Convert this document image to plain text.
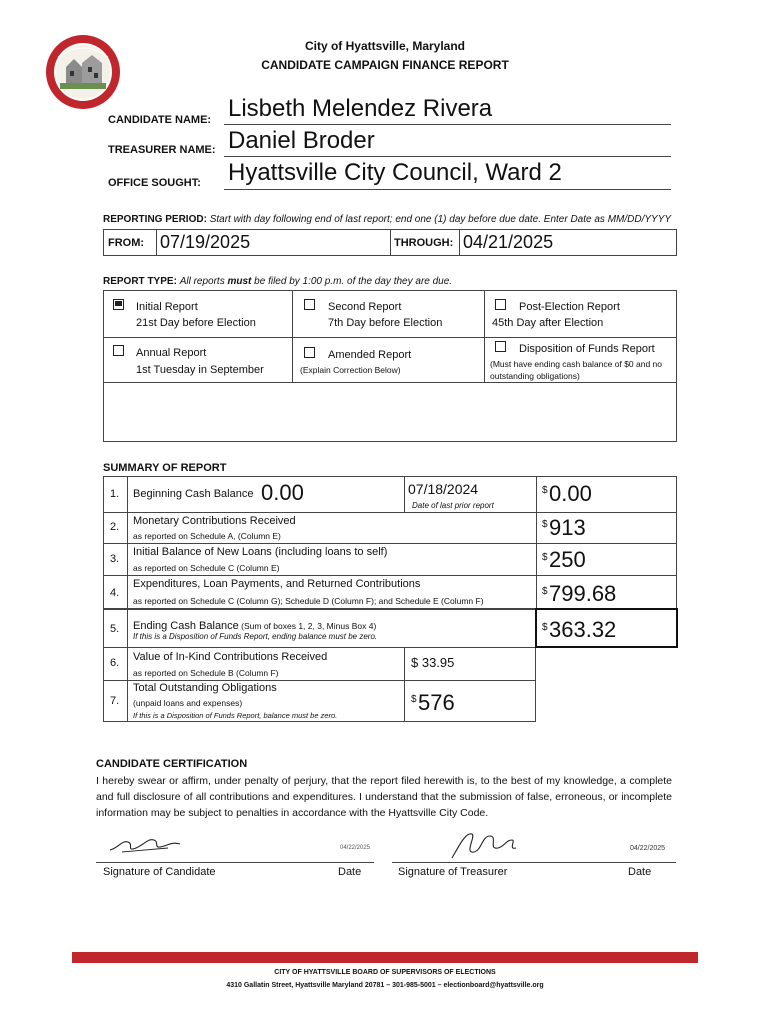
City of Hyattsville, Maryland
CANDIDATE CAMPAIGN FINANCE REPORT
CANDIDATE NAME: Lisbeth Melendez Rivera
TREASURER NAME: Daniel Broder
OFFICE SOUGHT: Hyattsville City Council, Ward 2
REPORTING PERIOD: Start with day following end of last report; end one (1) day before due date. Enter Date as MM/DD/YYYY
FROM: 07/19/2025	THROUGH: 04/21/2025
REPORT TYPE: All reports must be filed by 1:00 p.m. of the day they are due.
Initial Report
21st Day before Election
Second Report
7th Day before Election
Post-Election Report
45th Day after Election
Annual Report
1st Tuesday in September
Amended Report
(Explain Correction Below)
Disposition of Funds Report
(Must have ending cash balance of $0 and no outstanding obligations)
SUMMARY OF REPORT
1. Beginning Cash Balance 0.00	07/18/2024
Date of last prior report
$ 0.00
2. Monetary Contributions Received
as reported on Schedule A, (Column E)
$ 913
3.
Initial Balance of New Loans (including loans to self)
as reported on Schedule C (Column E)
$ 250
4.
Expenditures, Loan Payments, and Returned Contributions
as reported on Schedule C (Column G); Schedule D (Column F); and Schedule E (Column F)
$ 799.68
5. Ending Cash Balance (Sum of boxes 1, 2, 3, Minus Box 4)
If this is a Disposition of Funds Report, ending balance must be zero.
$ 363.32
6. Value of In-Kind Contributions Received
as reported on Schedule B (Column F)
$ 33.95
7.
Total Outstanding Obligations
(unpaid loans and expenses)
If this is a Disposition of Funds Report, balance must be zero.
$ 576
CANDIDATE CERTIFICATION
I hereby swear or affirm, under penalty of perjury, that the report filed herewith is, to the best of my knowledge, a complete and full disclosure of all contributions and expenditures. I understand that the submission of false, erroneous, or incomplete information may be subject to penalties in accordance with the Hyattsville City Code.
04/22/2025
Signature of Candidate	Date
04/22/2025
Signature of Treasurer	Date
CITY OF HYATTSVILLE BOARD OF SUPERVISORS OF ELECTIONS
4310 Gallatin Street, Hyattsville Maryland 20781 – 301-985-5001 – electionboard@hyattsville.org
